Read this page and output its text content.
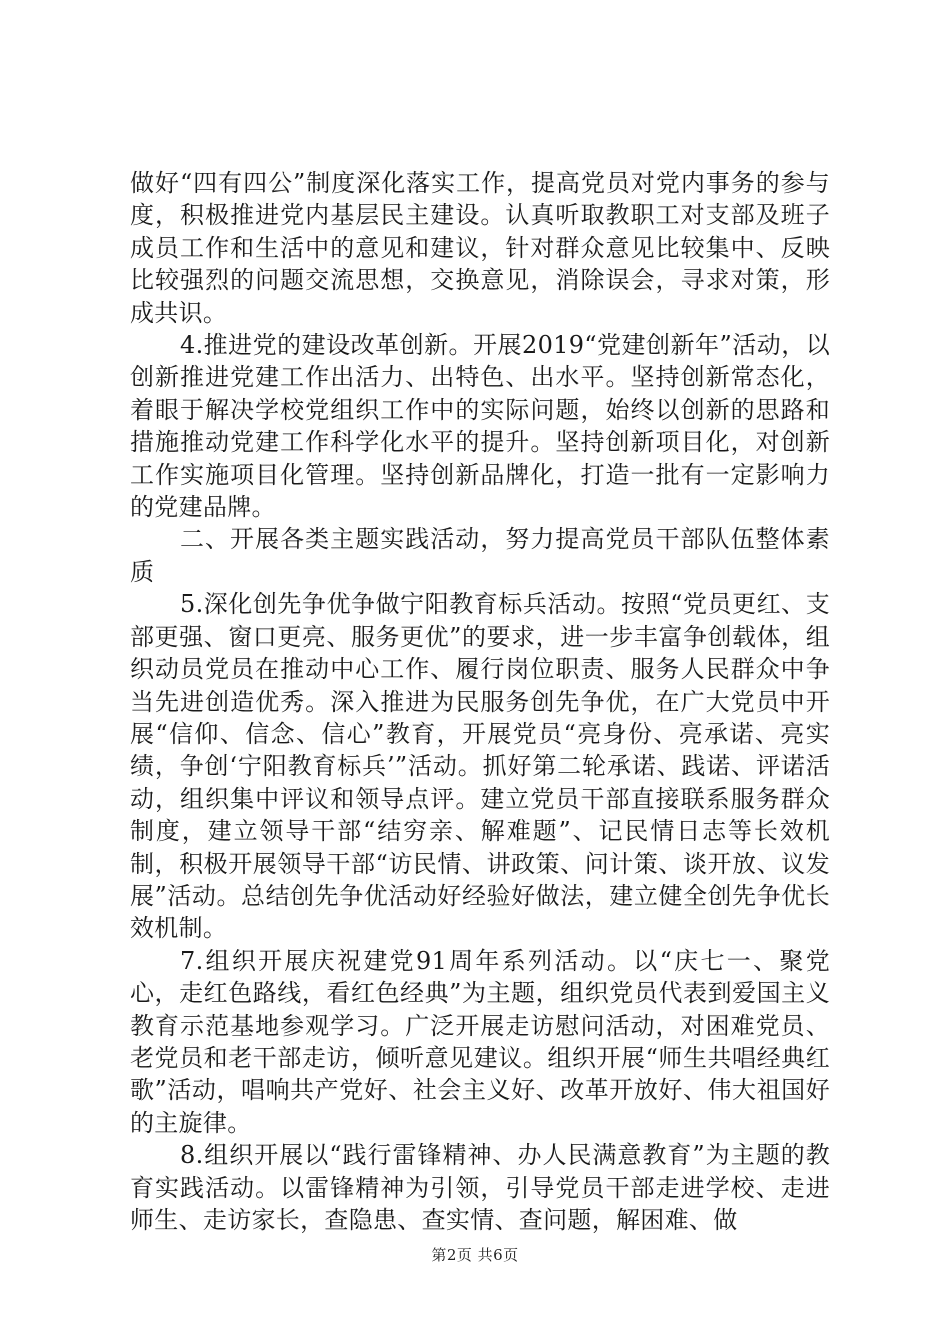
做好“四有四公”制度深化落实工作，提高党员对党内事务的参与度，积极推进党内基层民主建设。认真听取教职工对支部及班子成员工作和生活中的意见和建议，针对群众意见比较集中、反映比较强烈的问题交流思想，交换意见，消除误会，寻求对策，形成共识。

4.推进党的建设改革创新。开展2019“党建创新年”活动，以创新推进党建工作出活力、出特色、出水平。坚持创新常态化，着眼于解决学校党组织工作中的实际问题，始终以创新的思路和措施推动党建工作科学化水平的提升。坚持创新项目化，对创新工作实施项目化管理。坚持创新品牌化，打造一批有一定影响力的党建品牌。

二、开展各类主题实践活动，努力提高党员干部队伍整体素质

5.深化创先争优争做宁阳教育标兵活动。按照“党员更红、支部更强、窗口更亮、服务更优”的要求，进一步丰富争创载体，组织动员党员在推动中心工作、履行岗位职责、服务人民群众中争当先进创造优秀。深入推进为民服务创先争优，在广大党员中开展“信仰、信念、信心”教育，开展党员“亮身份、亮承诺、亮实绩，争创‘宁阳教育标兵’”活动。抓好第二轮承诺、践诺、评诺活动，组织集中评议和领导点评。建立党员干部直接联系服务群众制度，建立领导干部“结穷亲、解难题”、记民情日志等长效机制，积极开展领导干部“访民情、讲政策、问计策、谈开放、议发展”活动。总结创先争优活动好经验好做法，建立健全创先争优长效机制。

7.组织开展庆祝建党91周年系列活动。以“庆七一、聚党心，走红色路线，看红色经典”为主题，组织党员代表到爱国主义教育示范基地参观学习。广泛开展走访慰问活动，对困难党员、老党员和老干部走访，倾听意见建议。组织开展“师生共唱经典红歌”活动，唱响共产党好、社会主义好、改革开放好、伟大祖国好的主旋律。

8.组织开展以“践行雷锋精神、办人民满意教育”为主题的教育实践活动。以雷锋精神为引领，引导党员干部走进学校、走进师生、走访家长，查隐患、查实情、查问题，解困难、做

第2页 共6页
